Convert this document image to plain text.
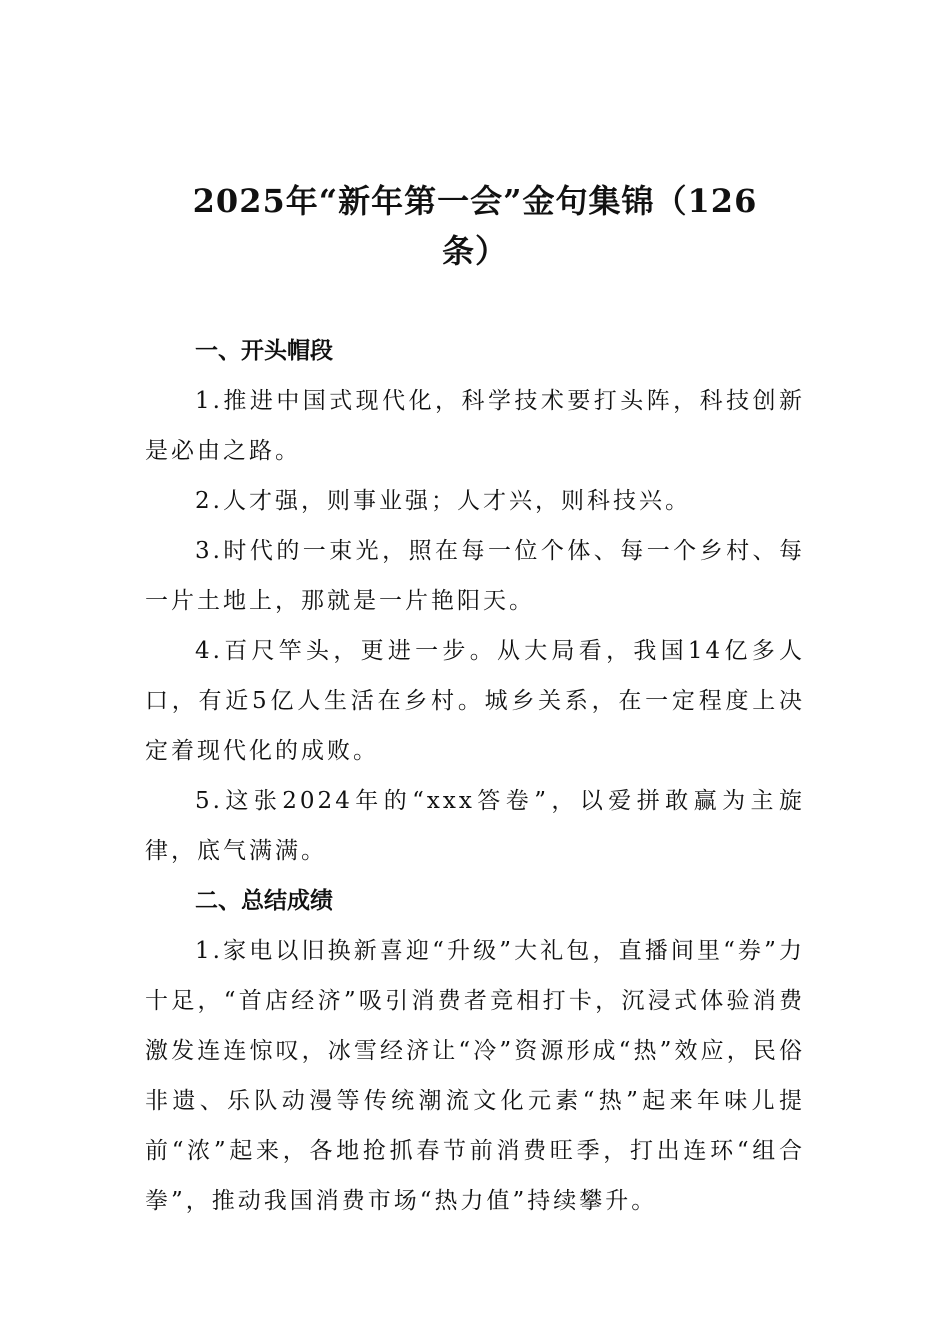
2025年“新年第一会”金句集锦（126条）
一、开头帽段

1.推进中国式现代化，科学技术要打头阵，科技创新是必由之路。

2.人才强，则事业强；人才兴，则科技兴。

3.时代的一束光，照在每一位个体、每一个乡村、每一片土地上，那就是一片艳阳天。

4.百尺竿头，更进一步。从大局看，我国14亿多人口，有近5亿人生活在乡村。城乡关系，在一定程度上决定着现代化的成败。

5.这张2024年的“xxx答卷”，以爱拼敢赢为主旋律，底气满满。

二、总结成绩

1.家电以旧换新喜迎“升级”大礼包，直播间里“券”力十足，“首店经济”吸引消费者竞相打卡，沉浸式体验消费激发连连惊叹，冰雪经济让“冷”资源形成“热”效应，民俗非遗、乐队动漫等传统潮流文化元素“热”起来年味儿提前“浓”起来，各地抢抓春节前消费旺季，打出连环“组合拳”，推动我国消费市场“热力值”持续攀升。
